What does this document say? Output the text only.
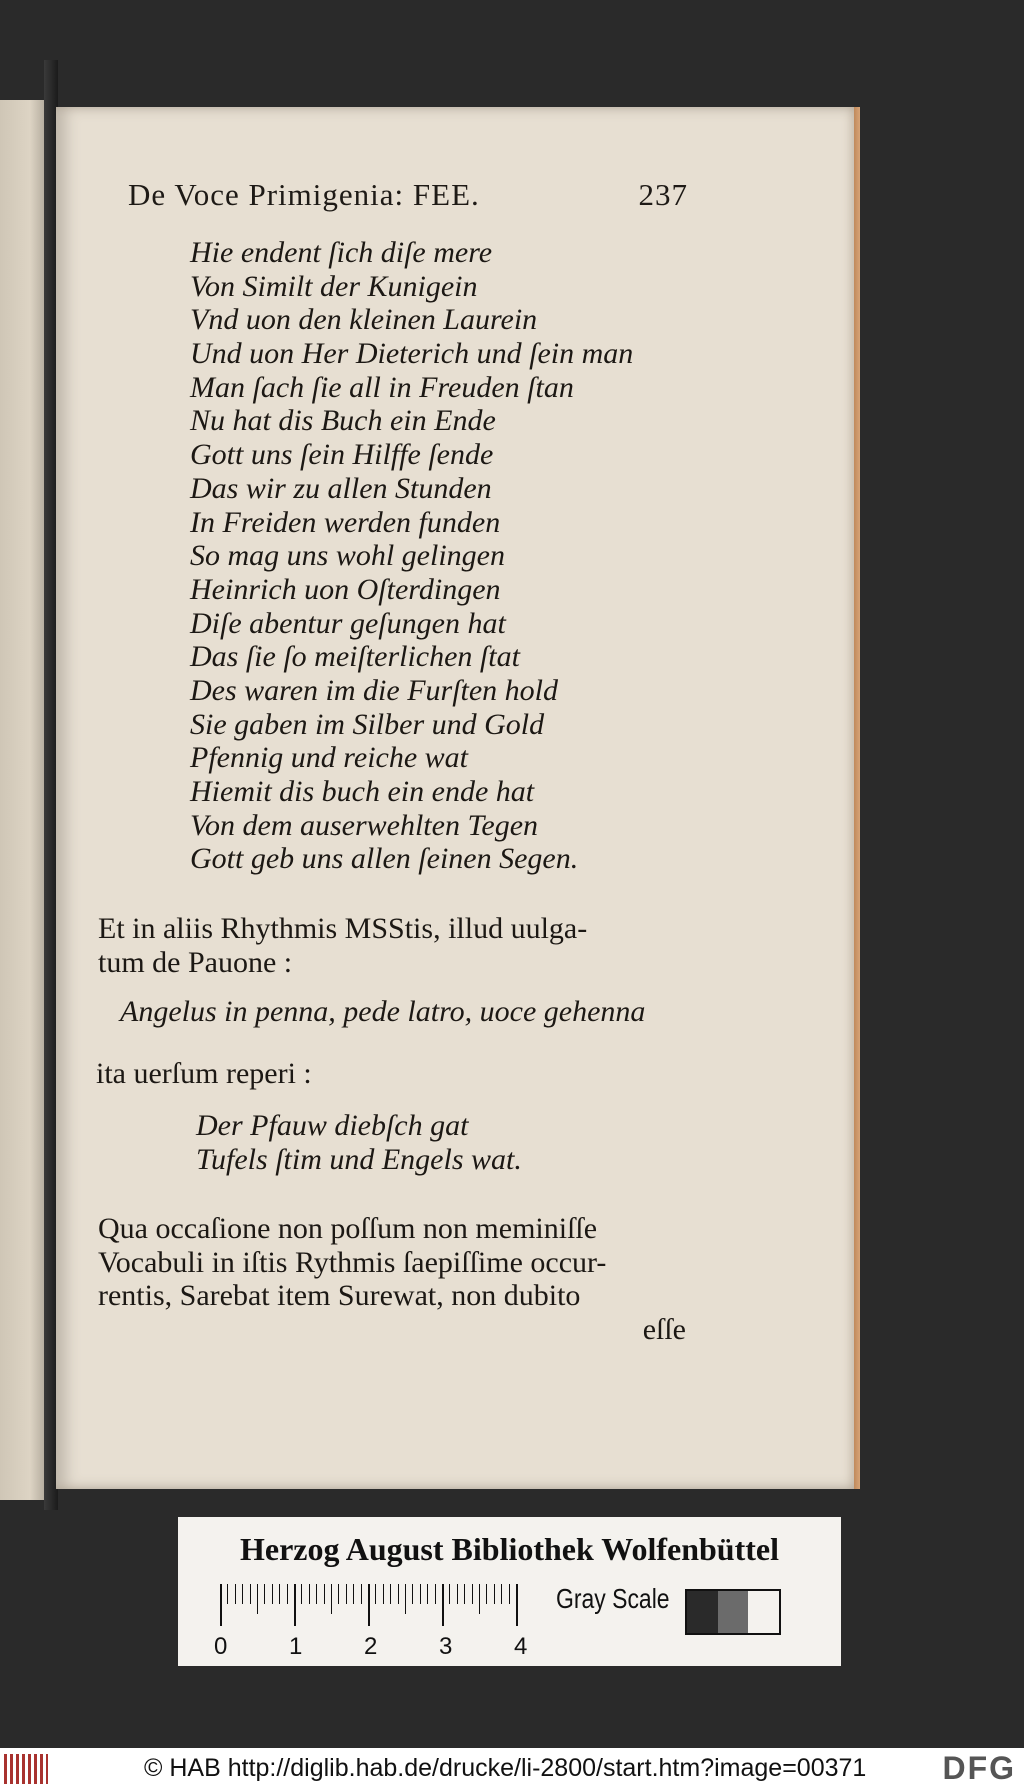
De Voce Primigenia: FEE.	237
Hie endent ſich diſe mere
Von Similt der Kunigein
Vnd uon den kleinen Laurein
Und uon Her Dieterich und ſein man
Man ſach ſie all in Freuden ſtan
Nu hat dis Buch ein Ende
Gott uns ſein Hilffe ſende
Das wir zu allen Stunden
In Freiden werden funden
So mag uns wohl gelingen
Heinrich uon Oſterdingen
Diſe abentur geſungen hat
Das ſie ſo meiſterlichen ſtat
Des waren im die Furſten hold
Sie gaben im Silber und Gold
Pfennig und reiche wat
Hiemit dis buch ein ende hat
Von dem auserwehlten Tegen
Gott geb uns allen ſeinen Segen.
Et in aliis Rhythmis MSStis, illud uulga-
tum de Pauone :
Angelus in penna, pede latro, uoce gehenna
ita uerſum reperi :
Der Pfauw diebſch gat
Tufels ſtim und Engels wat.
Qua occaſione non poſſum non meminiſſe
Vocabuli in iſtis Rythmis ſaepiſſime occur-
rentis, Sarebat item Surewat, non dubito
eſſe
Herzog August Bibliothek Wolfenbüttel
0	1	2	3	4
Gray Scale
© HAB http://diglib.hab.de/drucke/li-2800/start.htm?image=00371 DFG
